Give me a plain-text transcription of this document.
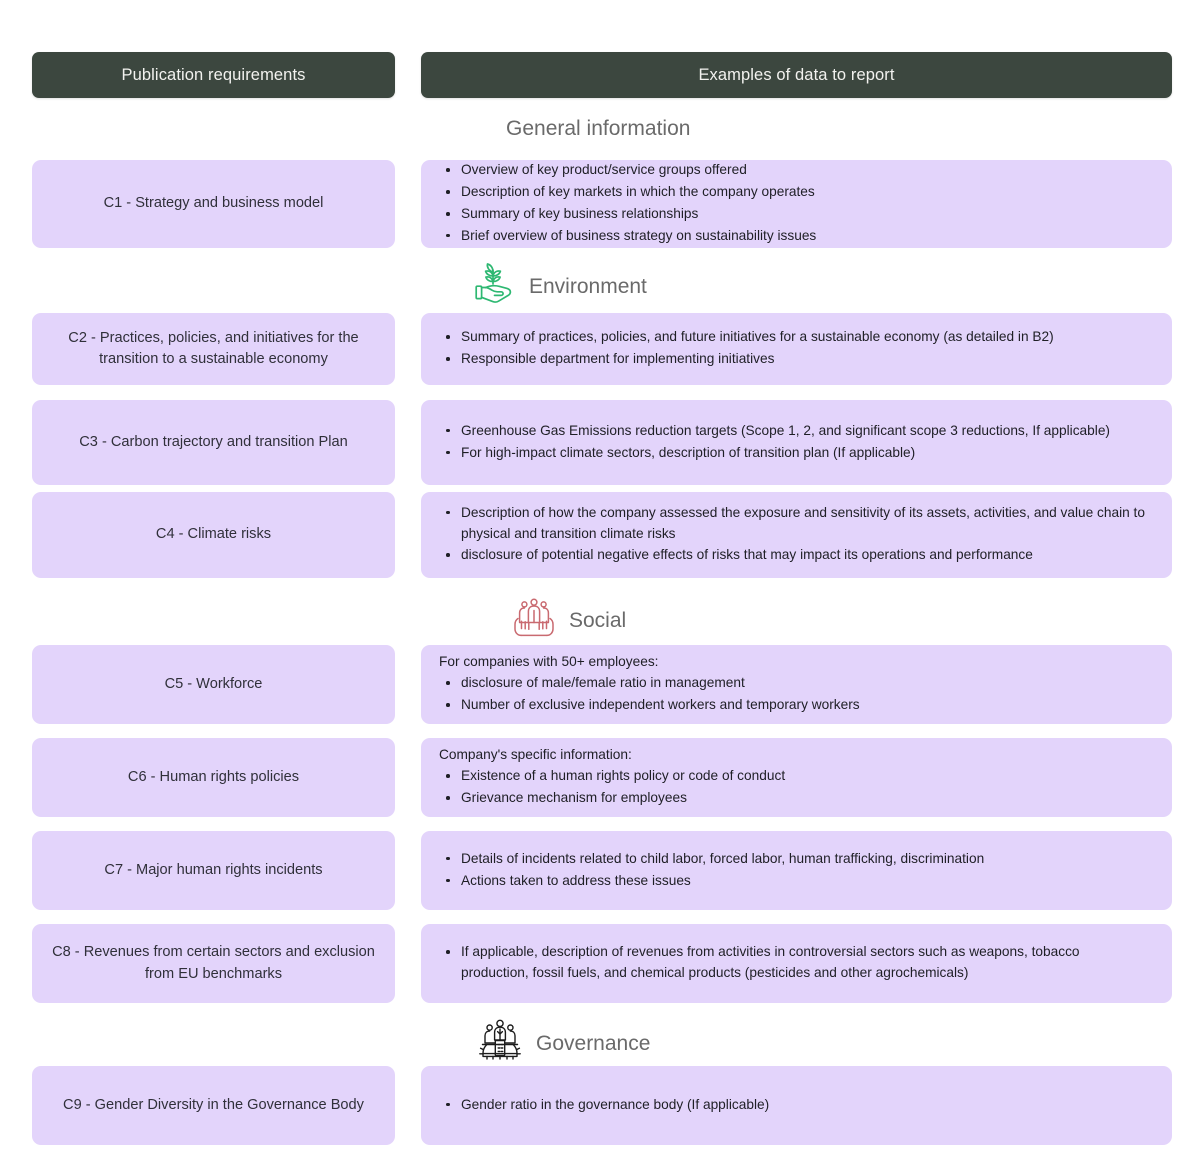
Publication requirements	Examples of data to report
General information
C1 - Strategy and business model
Overview of key product/service groups offered
Description of key markets in which the company operates
Summary of key business relationships
Brief overview of business strategy on sustainability issues
Environment
C2 - Practices, policies, and initiatives for the transition to a sustainable economy
Summary of practices, policies, and future initiatives for a sustainable economy (as detailed in B2)
Responsible department for implementing initiatives
C3 - Carbon trajectory and transition Plan
Greenhouse Gas Emissions reduction targets (Scope 1, 2, and significant scope 3 reductions, If applicable)
For high-impact climate sectors, description of transition plan (If applicable)
C4 - Climate risks
Description of how the company assessed the exposure and sensitivity of its assets, activities, and value chain to physical and transition climate risks
disclosure of potential negative effects of risks that may impact its operations and performance
Social
C5 - Workforce

For companies with 50+ employees:

disclosure of male/female ratio in management
Number of exclusive independent workers and temporary workers
C6 - Human rights policies

Company's specific information:

Existence of a human rights policy or code of conduct
Grievance mechanism for employees
C7 - Major human rights incidents
Details of incidents related to child labor, forced labor, human trafficking, discrimination
Actions taken to address these issues
C8 - Revenues from certain sectors and exclusion from EU benchmarks
If applicable, description of revenues from activities in controversial sectors such as weapons, tobacco production, fossil fuels, and chemical products (pesticides and other agrochemicals)
Governance
C9 - Gender Diversity in the Governance Body	Gender ratio in the governance body (If applicable)
